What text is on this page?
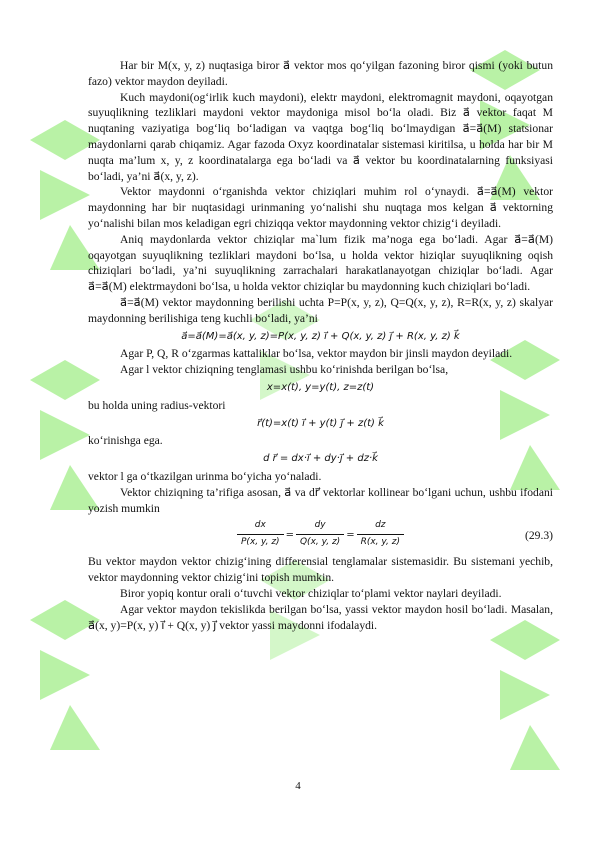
Har bir M(x, y, z) nuqtasiga biror a⃗ vektor mos qo‘yilgan fazoning biror qismi (yoki butun fazo) vektor maydon deyiladi.

Kuch maydoni(og‘irlik kuch maydoni), elektr maydoni, elektromagnit maydoni, oqayotgan suyuqlikning tezliklari maydoni vektor maydoniga misol bo‘la oladi. Biz a⃗ vektor faqat M nuqtaning vaziyatiga bog‘liq bo‘ladigan va vaqtga bog‘liq bo‘lmaydigan a⃗=a⃗(M) statsionar maydonlarni qarab chiqamiz. Agar fazoda Oxyz koordinatalar sistemasi kiritilsa, u holda har bir M nuqta ma’lum x, y, z koordinatalarga ega bo‘ladi va a⃗ vektor bu koordinatalarning funksiyasi bo‘ladi, ya’ni a⃗(x, y, z).

Vektor maydonni o‘rganishda vektor chiziqlari muhim rol o‘ynaydi. a⃗=a⃗(M) vektor maydonning har bir nuqtasidagi urinmaning yo‘nalishi shu nuqtaga mos kelgan a⃗ vektorning yo‘nalishi bilan mos keladigan egri chiziqqa vektor maydonning vektor chizig‘i deyiladi.

Aniq maydonlarda vektor chiziqlar ma`lum fizik ma’noga ega bo‘ladi. Agar a⃗=a⃗(M) oqayotgan suyuqlikning tezliklari maydoni bo‘lsa, u holda vektor hiziqlar suyuqlikning oqish chiziqlari bo‘ladi, ya’ni suyuqlikning zarrachalari harakatlanayotgan chiziqlar bo‘ladi. Agar a⃗=a⃗(M) elektrmaydoni bo‘lsa, u holda vektor chiziqlar bu maydonning kuch chiziqlari bo‘ladi.

a⃗=a⃗(M) vektor maydonning berilishi uchta P=P(x, y, z), Q=Q(x, y, z), R=R(x, y, z) skalyar maydonning berilishiga teng kuchli bo‘ladi, ya’ni

a⃗=a⃗(M)=a⃗(x, y, z)=P(x, y, z) i⃗ + Q(x, y, z) j⃗ + R(x, y, z) k⃗

Agar P, Q, R o‘zgarmas kattaliklar bo‘lsa, vektor maydon bir jinsli maydon deyiladi.

Agar l vektor chiziqning tenglamasi ushbu ko‘rinishda berilgan bo‘lsa,

x=x(t), y=y(t), z=z(t)

bu holda uning radius-vektori

r⃗(t)=x(t) i⃗ + y(t) j⃗ + z(t) k⃗

ko‘rinishga ega.

d r⃗ = dx·i⃗ + dy·j⃗ + dz·k⃗

vektor l ga o‘tkazilgan urinma bo‘yicha yo‘naladi.

Vektor chiziqning ta’rifiga asosan, a⃗ va dr⃗ vektorlar kollinear bo‘lgani uchun, ushbu ifodani yozish mumkin

$\frac{dx}{P(x, y, z)} = \frac{dy}{Q(x, y, z)} = \frac{dz}{R(x, y, z)}$	(29.3)

Bu vektor maydon vektor chizig‘ining differensial tenglamalar sistemasidir. Bu sistemani yechib, vektor maydonning vektor chizig‘ini topish mumkin.

Biror yopiq kontur orali o‘tuvchi vektor chiziqlar to‘plami vektor naylari deyiladi.

Agar vektor maydon tekislikda berilgan bo‘lsa, yassi vektor maydon hosil bo‘ladi. Masalan, a⃗(x, y)=P(x, y) i⃗ + Q(x, y) j⃗ vektor yassi maydonni ifodalaydi.

4
